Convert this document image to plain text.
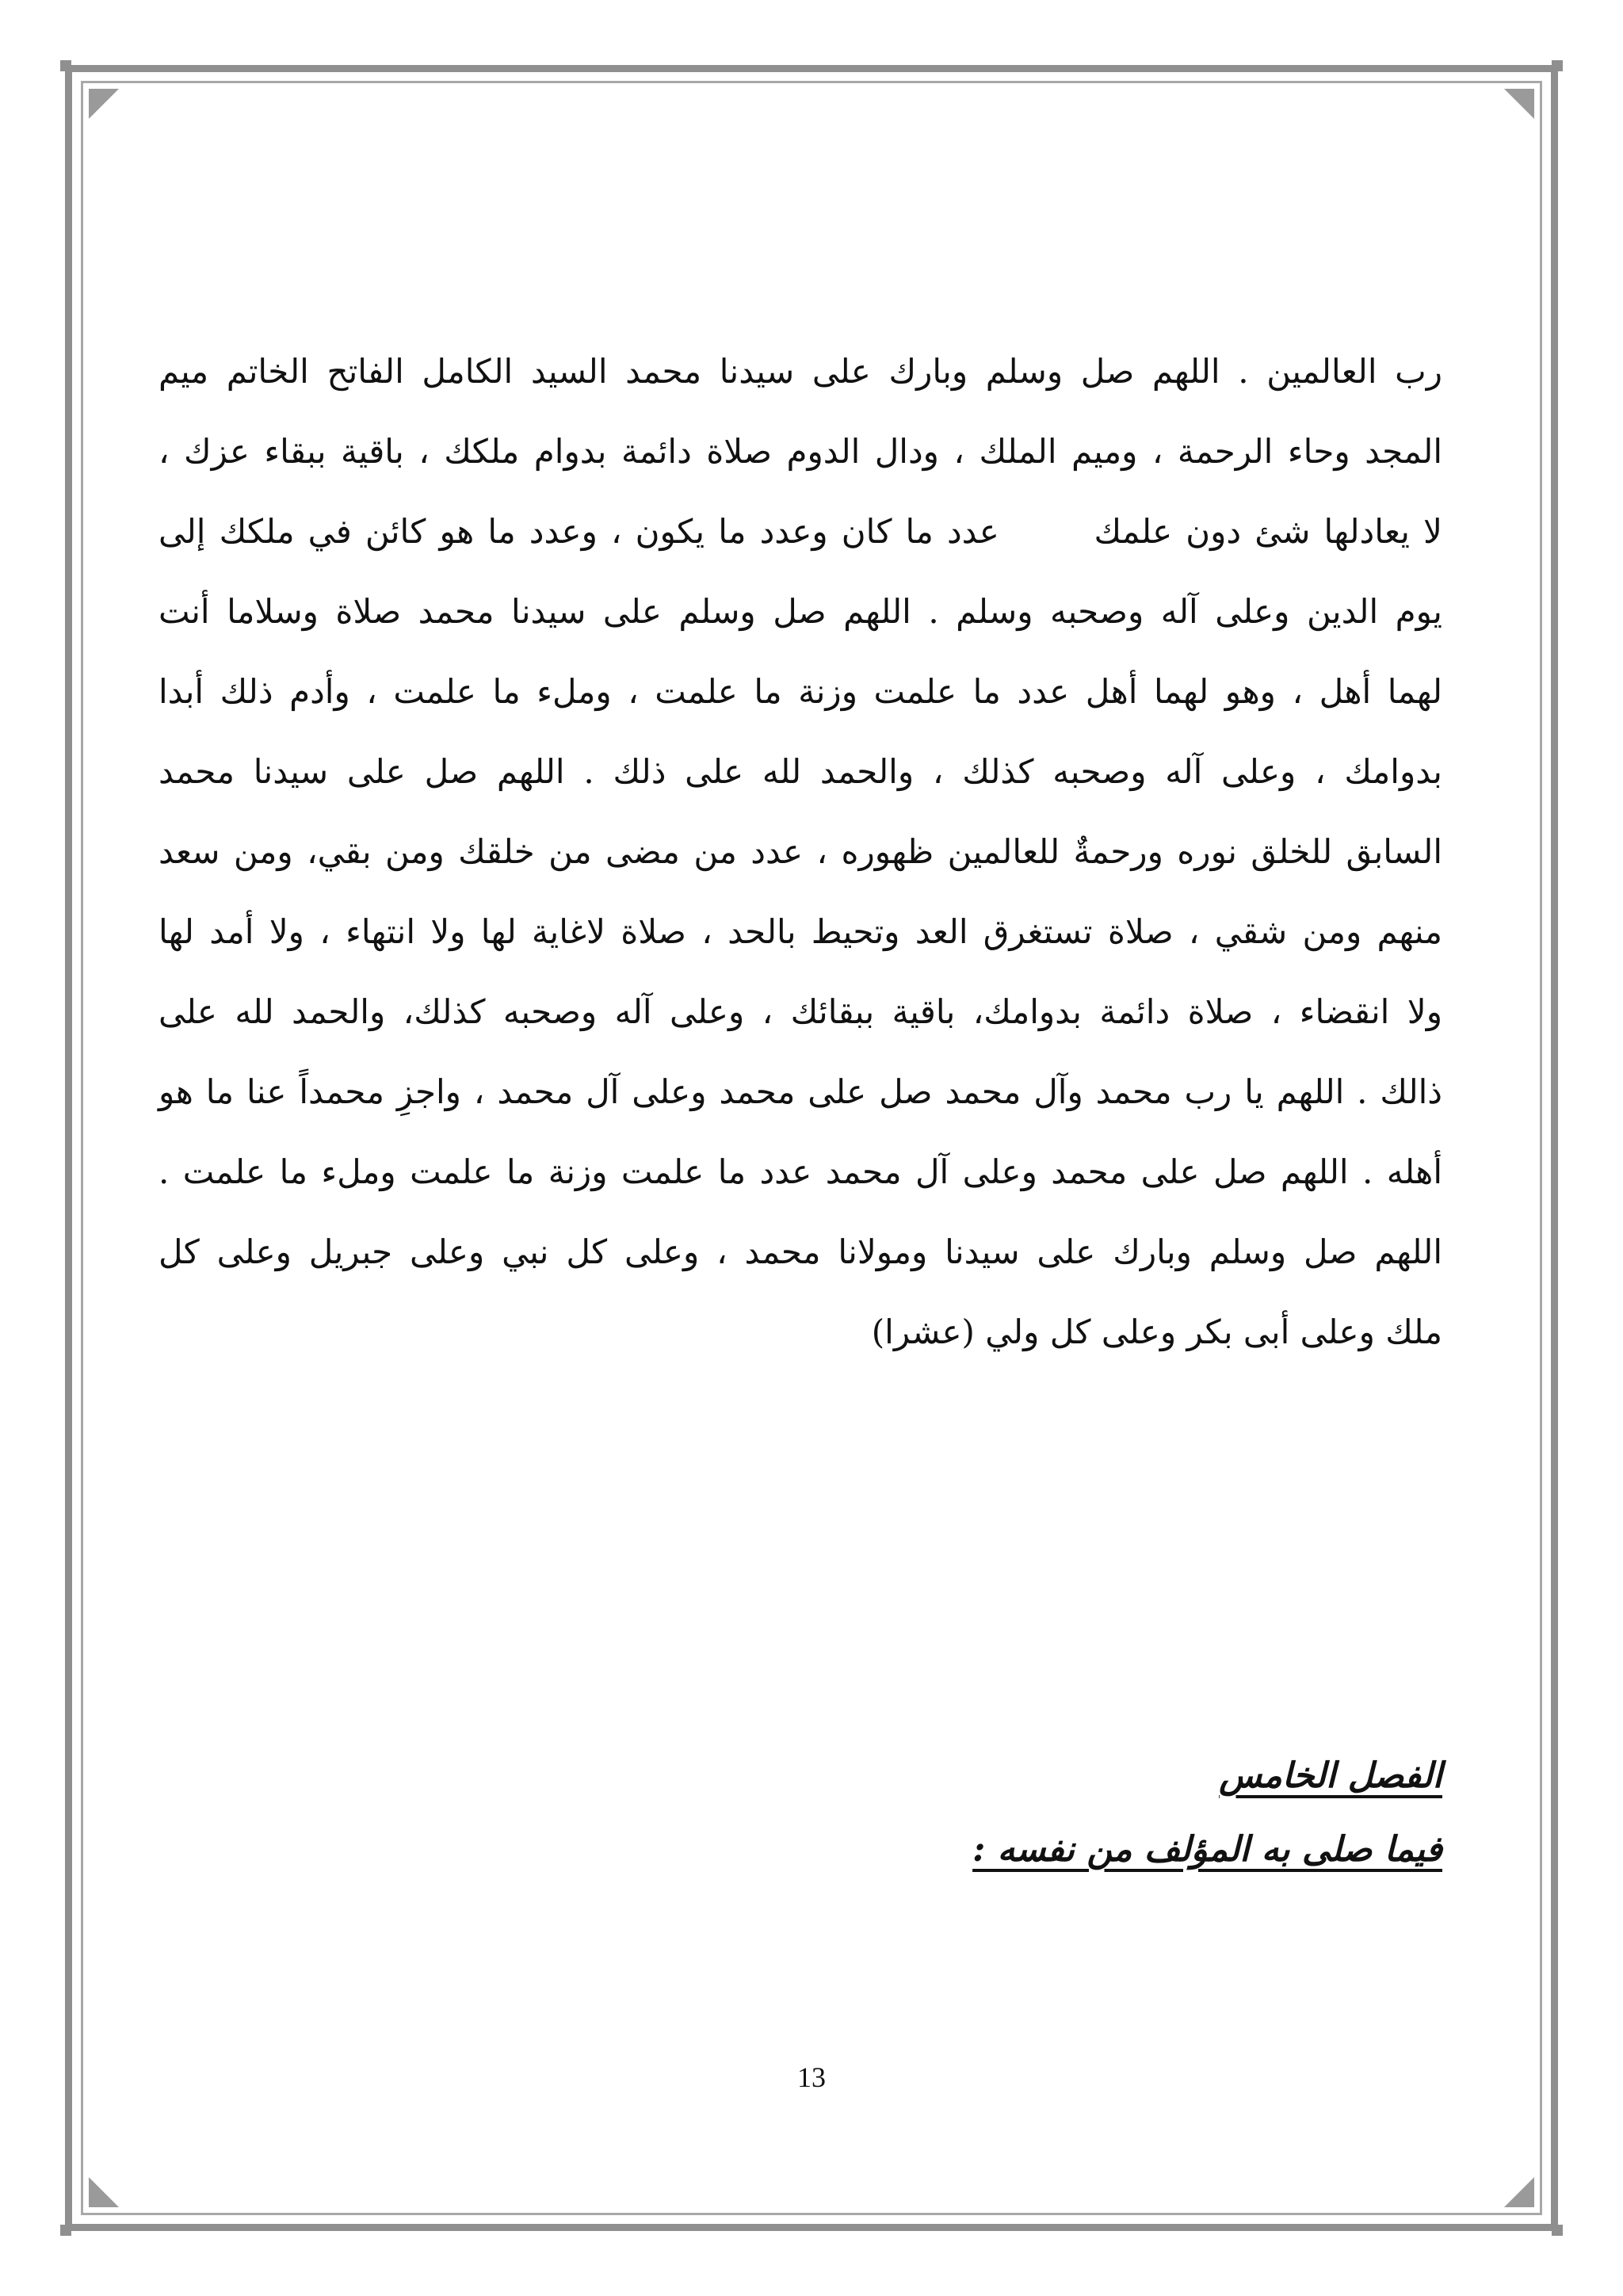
رب العالمين . اللهم صل وسلم وبارك على سيدنا محمد السيد الكامل الفاتح الخاتم ميم
المجد وحاء الرحمة ، وميم الملك ، ودال الدوم صلاة دائمة بدوام ملكك ، باقية ببقاء عزك ،
لا يعادلها شئ دون علمك       عدد ما كان وعدد ما يكون ، وعدد ما هو كائن في ملكك إلى
يوم الدين وعلى آله وصحبه وسلم . اللهم صل وسلم على سيدنا محمد صلاة وسلاما أنت
لهما أهل ، وهو لهما أهل عدد ما علمت وزنة ما علمت ، وملء ما علمت ، وأدم ذلك أبدا
بدوامك ، وعلى آله وصحبه كذلك ، والحمد لله على ذلك . اللهم صل على سيدنا محمد
السابق للخلق نوره ورحمةٌ للعالمين ظهوره ، عدد من مضى من خلقك ومن بقي، ومن سعد
منهم ومن شقي ، صلاة تستغرق العد وتحيط بالحد ، صلاة لاغاية لها ولا انتهاء ، ولا أمد لها
ولا انقضاء ، صلاة دائمة بدوامك، باقية ببقائك ، وعلى آله وصحبه كذلك، والحمد لله على
ذالك . اللهم يا رب محمد وآل محمد صل على محمد وعلى آل محمد ، واجزِ محمداً عنا ما هو
أهله . اللهم صل على محمد وعلى آل محمد عدد ما علمت وزنة ما علمت وملء ما علمت .
اللهم صل وسلم وبارك على سيدنا ومولانا محمد ، وعلى كل نبي وعلى جبريل وعلى كل
ملك وعلى أبى بكر وعلى كل ولي (عشرا)
الفصل الخامس
فيما صلى به المؤلف من نفسه :
13
